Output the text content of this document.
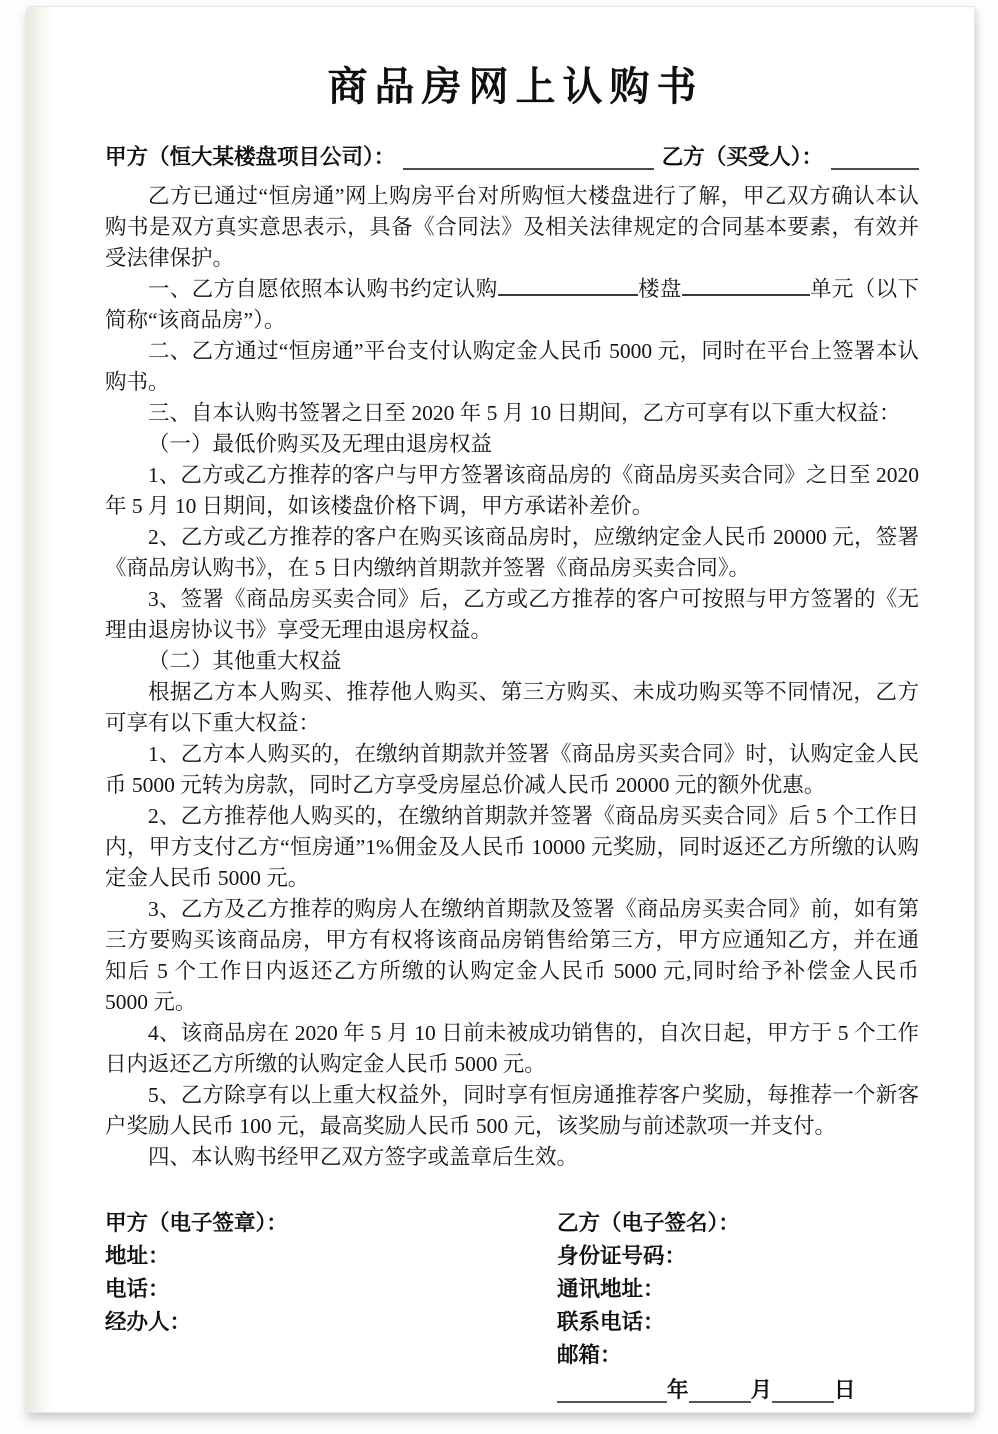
商品房网上认购书
甲方（恒大某楼盘项目公司）：	乙方（买受人）：

乙方已通过“恒房通”网上购房平台对所购恒大楼盘进行了解，甲乙双方确认本认购书是双方真实意思表示，具备《合同法》及相关法律规定的合同基本要素，有效并受法律保护。

一、乙方自愿依照本认购书约定认购	楼盘	单元（以下简称“该商品房”）。

二、乙方通过“恒房通”平台支付认购定金人民币 5000 元，同时在平台上签署本认购书。

三、自本认购书签署之日至 2020 年 5 月 10 日期间，乙方可享有以下重大权益：

（一）最低价购买及无理由退房权益

1、乙方或乙方推荐的客户与甲方签署该商品房的《商品房买卖合同》之日至 2020 年 5 月 10 日期间，如该楼盘价格下调，甲方承诺补差价。

2、乙方或乙方推荐的客户在购买该商品房时，应缴纳定金人民币 20000 元，签署《商品房认购书》，在 5 日内缴纳首期款并签署《商品房买卖合同》。

3、签署《商品房买卖合同》后，乙方或乙方推荐的客户可按照与甲方签署的《无理由退房协议书》享受无理由退房权益。

（二）其他重大权益

根据乙方本人购买、推荐他人购买、第三方购买、未成功购买等不同情况，乙方可享有以下重大权益：

1、乙方本人购买的，在缴纳首期款并签署《商品房买卖合同》时，认购定金人民币 5000 元转为房款，同时乙方享受房屋总价减人民币 20000 元的额外优惠。

2、乙方推荐他人购买的，在缴纳首期款并签署《商品房买卖合同》后 5 个工作日内，甲方支付乙方“恒房通”1%佣金及人民币 10000 元奖励，同时返还乙方所缴的认购定金人民币 5000 元。

3、乙方及乙方推荐的购房人在缴纳首期款及签署《商品房买卖合同》前，如有第三方要购买该商品房，甲方有权将该商品房销售给第三方，甲方应通知乙方，并在通知后 5 个工作日内返还乙方所缴的认购定金人民币 5000 元,同时给予补偿金人民币 5000 元。

4、该商品房在 2020 年 5 月 10 日前未被成功销售的，自次日起，甲方于 5 个工作日内返还乙方所缴的认购定金人民币 5000 元。

5、乙方除享有以上重大权益外，同时享有恒房通推荐客户奖励，每推荐一个新客户奖励人民币 100 元，最高奖励人民币 500 元，该奖励与前述款项一并支付。

四、本认购书经甲乙双方签字或盖章后生效。

甲方（电子签章）：
地址：
电话：
经办人：
乙方（电子签名）：
身份证号码：
通讯地址：
联系电话：
邮箱：
年	月	日
